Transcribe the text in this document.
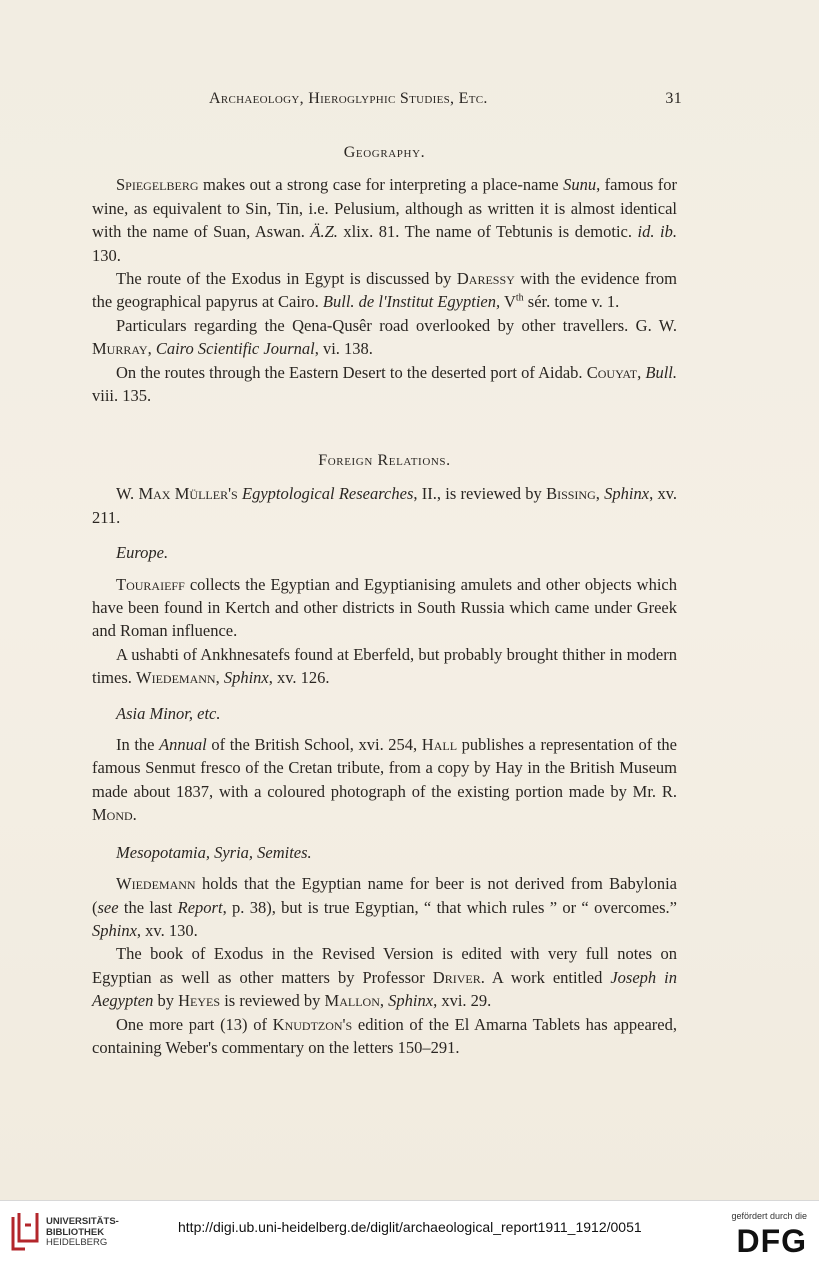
Archaeology, Hieroglyphic Studies, Etc.	31

Geography.

Spiegelberg makes out a strong case for interpreting a place-name Sunu, famous for wine, as equivalent to Sin, Tin, i.e. Pelusium, although as written it is almost identical with the name of Suan, Aswan. Ä.Z. xlix. 81. The name of Tebtunis is demotic. id. ib. 130.

The route of the Exodus in Egypt is discussed by Daressy with the evidence from the geographical papyrus at Cairo. Bull. de l'Institut Egyptien, Vth sér. tome v. 1.

Particulars regarding the Qena-Qusêr road overlooked by other travellers. G. W. Murray, Cairo Scientific Journal, vi. 138.

On the routes through the Eastern Desert to the deserted port of Aidab. Couyat, Bull. viii. 135.

Foreign Relations.

W. Max Müller's Egyptological Researches, II., is reviewed by Bissing, Sphinx, xv. 211.

Europe.

Touraieff collects the Egyptian and Egyptianising amulets and other objects which have been found in Kertch and other districts in South Russia which came under Greek and Roman influence.

A ushabti of Ankhnesatefs found at Eberfeld, but probably brought thither in modern times. Wiedemann, Sphinx, xv. 126.

Asia Minor, etc.

In the Annual of the British School, xvi. 254, Hall publishes a representation of the famous Senmut fresco of the Cretan tribute, from a copy by Hay in the British Museum made about 1837, with a coloured photograph of the existing portion made by Mr. R. Mond.

Mesopotamia, Syria, Semites.

Wiedemann holds that the Egyptian name for beer is not derived from Babylonia (see the last Report, p. 38), but is true Egyptian, “ that which rules ” or “ overcomes.” Sphinx, xv. 130.

The book of Exodus in the Revised Version is edited with very full notes on Egyptian as well as other matters by Professor Driver. A work entitled Joseph in Aegypten by Heyes is reviewed by Mallon, Sphinx, xvi. 29.

One more part (13) of Knudtzon's edition of the El Amarna Tablets has appeared, containing Weber's commentary on the letters 150–291.

UNIVERSITÄTS-
BIBLIOTHEK
HEIDELBERG
http://digi.ub.uni-heidelberg.de/diglit/archaeological_report1911_1912/0051
gefördert durch die
DFG
